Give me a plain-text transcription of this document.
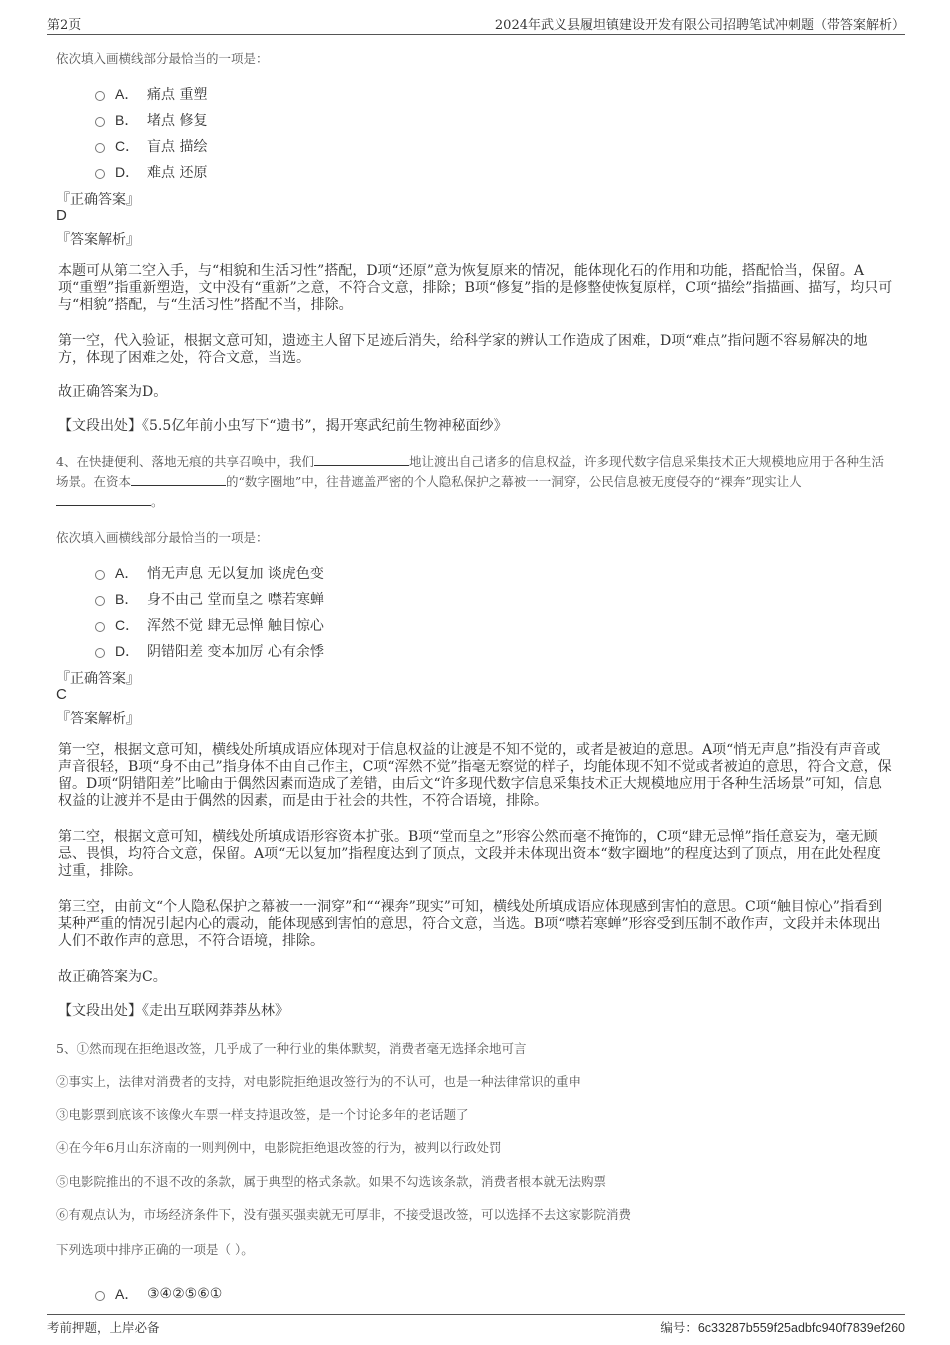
第2页	2024年武义县履坦镇建设开发有限公司招聘笔试冲刺题（带答案解析）
依次填入画横线部分最恰当的一项是：
A． 痛点 重塑
B． 堵点 修复
C． 盲点 描绘
D． 难点 还原
『正确答案』
D
『答案解析』
本题可从第二空入手，与“相貌和生活习性”搭配，D项“还原”意为恢复原来的情况，能体现化石的作用和功能，搭配恰当，保留。A项“重塑”指重新塑造，文中没有“重新”之意，不符合文意，排除；B项“修复”指的是修整使恢复原样，C项“描绘”指描画、描写，均只可与“相貌”搭配，与“生活习性”搭配不当，排除。
第一空，代入验证，根据文意可知，遗迹主人留下足迹后消失，给科学家的辨认工作造成了困难，D项“难点”指问题不容易解决的地方，体现了困难之处，符合文意，当选。
故正确答案为D。
【文段出处】《5.5亿年前小虫写下“遗书”，揭开寒武纪前生物神秘面纱》
4、在快捷便利、落地无痕的共享召唤中，我们	地让渡出自己诸多的信息权益，许多现代数字信息采集技术正大规模地应用于各种生活场景。在资本	的“数字圈地”中，往昔遮盖严密的个人隐私保护之幕被一一洞穿，公民信息被无度侵夺的“裸奔”现实让人。
依次填入画横线部分最恰当的一项是：
A． 悄无声息 无以复加 谈虎色变
B． 身不由己 堂而皇之 噤若寒蝉
C． 浑然不觉 肆无忌惮 触目惊心
D． 阴错阳差 变本加厉 心有余悸
『正确答案』
C
『答案解析』
第一空，根据文意可知，横线处所填成语应体现对于信息权益的让渡是不知不觉的，或者是被迫的意思。A项“悄无声息”指没有声音或声音很轻，B项“身不由己”指身体不由自己作主，C项“浑然不觉”指毫无察觉的样子，均能体现不知不觉或者被迫的意思，符合文意，保留。D项“阴错阳差”比喻由于偶然因素而造成了差错，由后文“许多现代数字信息采集技术正大规模地应用于各种生活场景”可知，信息权益的让渡并不是由于偶然的因素，而是由于社会的共性，不符合语境，排除。
第二空，根据文意可知，横线处所填成语形容资本扩张。B项“堂而皇之”形容公然而毫不掩饰的，C项“肆无忌惮”指任意妄为，毫无顾忌、畏惧，均符合文意，保留。A项“无以复加”指程度达到了顶点，文段并未体现出资本“数字圈地”的程度达到了顶点，用在此处程度过重，排除。
第三空，由前文“个人隐私保护之幕被一一洞穿”和““裸奔”现实”可知，横线处所填成语应体现感到害怕的意思。C项“触目惊心”指看到某种严重的情况引起内心的震动，能体现感到害怕的意思，符合文意，当选。B项“噤若寒蝉”形容受到压制不敢作声，文段并未体现出人们不敢作声的意思，不符合语境，排除。
故正确答案为C。
【文段出处】《走出互联网莽莽丛林》
5、①然而现在拒绝退改签，几乎成了一种行业的集体默契，消费者毫无选择余地可言
②事实上，法律对消费者的支持，对电影院拒绝退改签行为的不认可，也是一种法律常识的重申
③电影票到底该不该像火车票一样支持退改签，是一个讨论多年的老话题了
④在今年6月山东济南的一则判例中，电影院拒绝退改签的行为，被判以行政处罚
⑤电影院推出的不退不改的条款，属于典型的格式条款。如果不勾选该条款，消费者根本就无法购票
⑥有观点认为，市场经济条件下，没有强买强卖就无可厚非，不接受退改签，可以选择不去这家影院消费
下列选项中排序正确的一项是（ ）。
A． ③④②⑤⑥①
考前押题，上岸必备	编号：6c33287b559f25adbfc940f7839ef260
